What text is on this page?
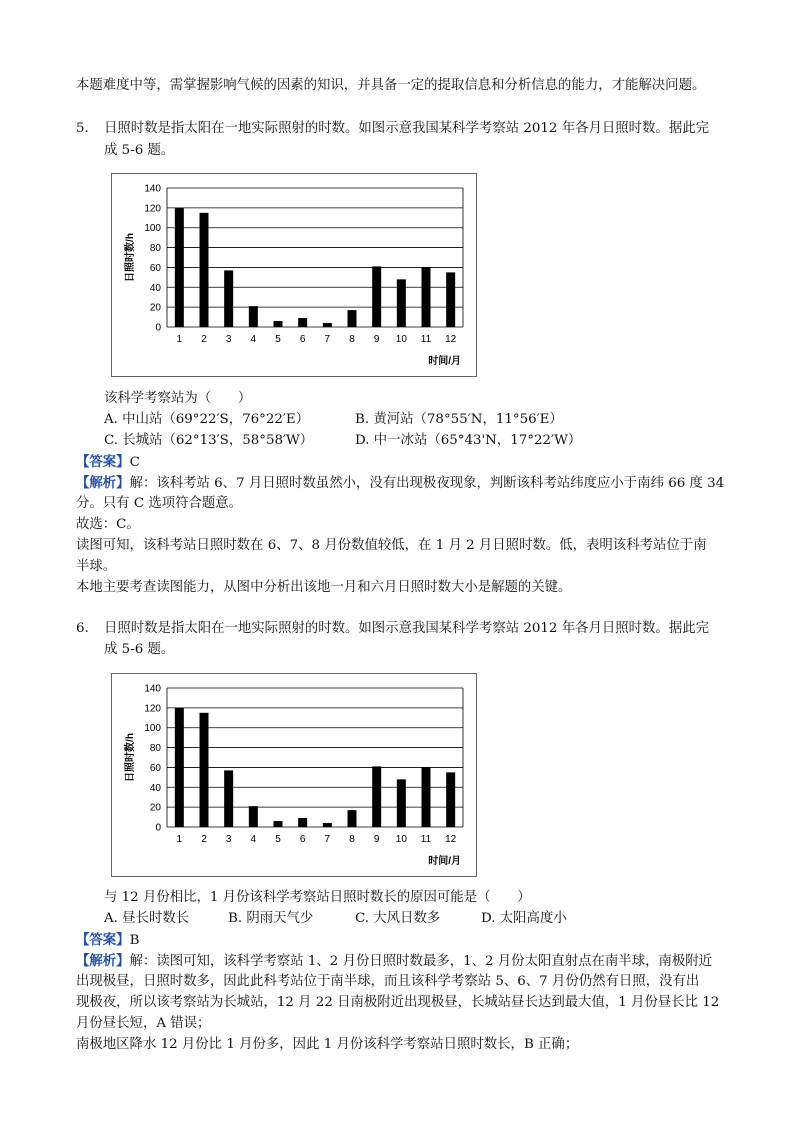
本题难度中等，需掌握影响气候的因素的知识，并具备一定的提取信息和分析信息的能力，才能解决问题。
5. 日照时数是指太阳在一地实际照射的时数。如图示意我国某科学考察站 2012 年各月日照时数。据此完
成 5-6 题。
0
20
40
60
80
100
120
140
1 2 3 4 5 6 7 8 9 10 11 12
日照时数/h
时间/月
该科学考察站为（　　）
A. 中山站（69°22′S，76°22′E）	B. 黄河站（78°55′N，11°56′E）
C. 长城站（62°13′S，58°58′W）	D. 中一冰站（65°43'N，17°22′W）
【答案】C
【解析】解：该科考站 6、7 月日照时数虽然小，没有出现极夜现象，判断该科考站纬度应小于南纬 66 度 34
分。只有 C 选项符合题意。
故选：C。
读图可知，该科考站日照时数在 6、7、8 月份数值较低，在 1 月 2 月日照时数。低，表明该科考站位于南
半球。
本地主要考查读图能力，从图中分析出该地一月和六月日照时数大小是解题的关键。
6. 日照时数是指太阳在一地实际照射的时数。如图示意我国某科学考察站 2012 年各月日照时数。据此完
成 5-6 题。
0
20
40
60
80
100
120
140
1 2 3 4 5 6 7 8 9 10 11 12
日照时数/h
时间/月
与 12 月份相比，1 月份该科学考察站日照时数长的原因可能是（　　）
A. 昼长时数长	B. 阴雨天气少	C. 大风日数多	D. 太阳高度小
【答案】B
【解析】解：读图可知，该科学考察站 1、2 月份日照时数最多，1、2 月份太阳直射点在南半球，南极附近
出现极昼，日照时数多，因此此科考站位于南半球，而且该科学考察站 5、6、7 月份仍然有日照，没有出
现极夜，所以该考察站为长城站，12 月 22 日南极附近出现极昼，长城站昼长达到最大值，1 月份昼长比 12
月份昼长短，A 错误；
南极地区降水 12 月份比 1 月份多，因此 1 月份该科学考察站日照时数长，B 正确；
